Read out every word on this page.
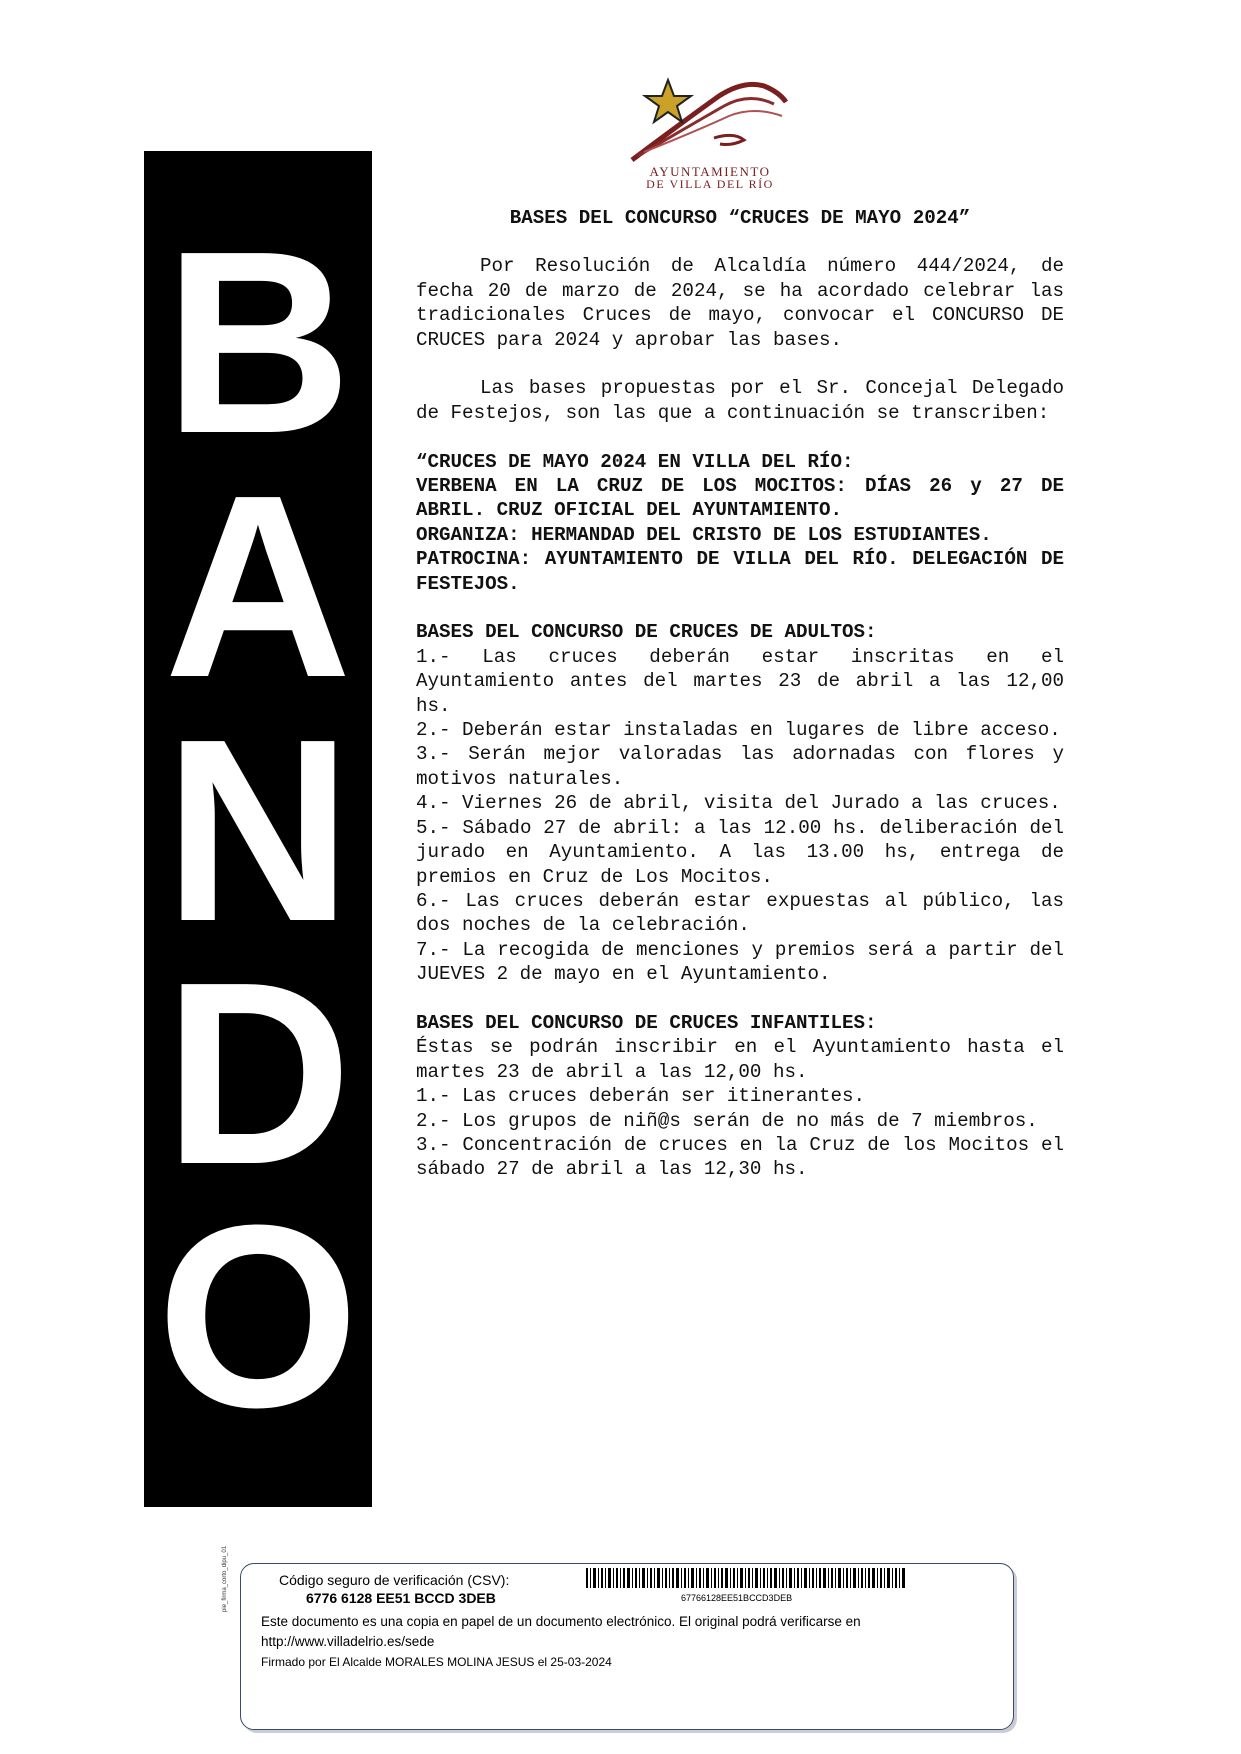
B
A
N
D
O
AYUNTAMIENTO
DE VILLA DEL RÍO

BASES DEL CONCURSO “CRUCES DE MAYO 2024”

Por Resolución de Alcaldía número 444/2024, de fecha 20 de marzo de 2024, se ha acordado celebrar las tradicionales Cruces de mayo, convocar el CONCURSO DE CRUCES para 2024 y aprobar las bases.

Las bases propuestas por el Sr. Concejal Delegado de Festejos, son las que a continuación se transcriben:

“CRUCES DE MAYO 2024 EN VILLA DEL RÍO:

VERBENA EN LA CRUZ DE LOS MOCITOS: DÍAS 26 y 27 DE ABRIL. CRUZ OFICIAL DEL AYUNTAMIENTO.

ORGANIZA: HERMANDAD DEL CRISTO DE LOS ESTUDIANTES.

PATROCINA: AYUNTAMIENTO DE VILLA DEL RÍO. DELEGACIÓN DE FESTEJOS.

BASES DEL CONCURSO DE CRUCES DE ADULTOS:

1.- Las cruces deberán estar inscritas en el Ayuntamiento antes del martes 23 de abril a las 12,00 hs.

2.- Deberán estar instaladas en lugares de libre acceso.

3.- Serán mejor valoradas las adornadas con flores y motivos naturales.

4.- Viernes 26 de abril, visita del Jurado a las cruces.

5.- Sábado 27 de abril: a las 12.00 hs. deliberación del jurado en Ayuntamiento. A las 13.00 hs, entrega de premios en Cruz de Los Mocitos.

6.- Las cruces deberán estar expuestas al público, las dos noches de la celebración.

7.- La recogida de menciones y premios será a partir del JUEVES 2 de mayo en el Ayuntamiento.

BASES DEL CONCURSO DE CRUCES INFANTILES:

Éstas se podrán inscribir en el Ayuntamiento hasta el martes 23 de abril a las 12,00 hs.

1.- Las cruces deberán ser itinerantes.

2.- Los grupos de niñ@s serán de no más de 7 miembros.

3.- Concentración de cruces en la Cruz de los Mocitos el sábado 27 de abril a las 12,30 hs.

pie_firma_corto_dipu_01	Código seguro de verificación (CSV):
6776 6128 EE51 BCCD 3DEB	67766128EE51BCCD3DEB
Este documento es una copia en papel de un documento electrónico. El original podrá verificarse en
http://www.villadelrio.es/sede
Firmado por El Alcalde MORALES MOLINA JESUS el 25-03-2024
